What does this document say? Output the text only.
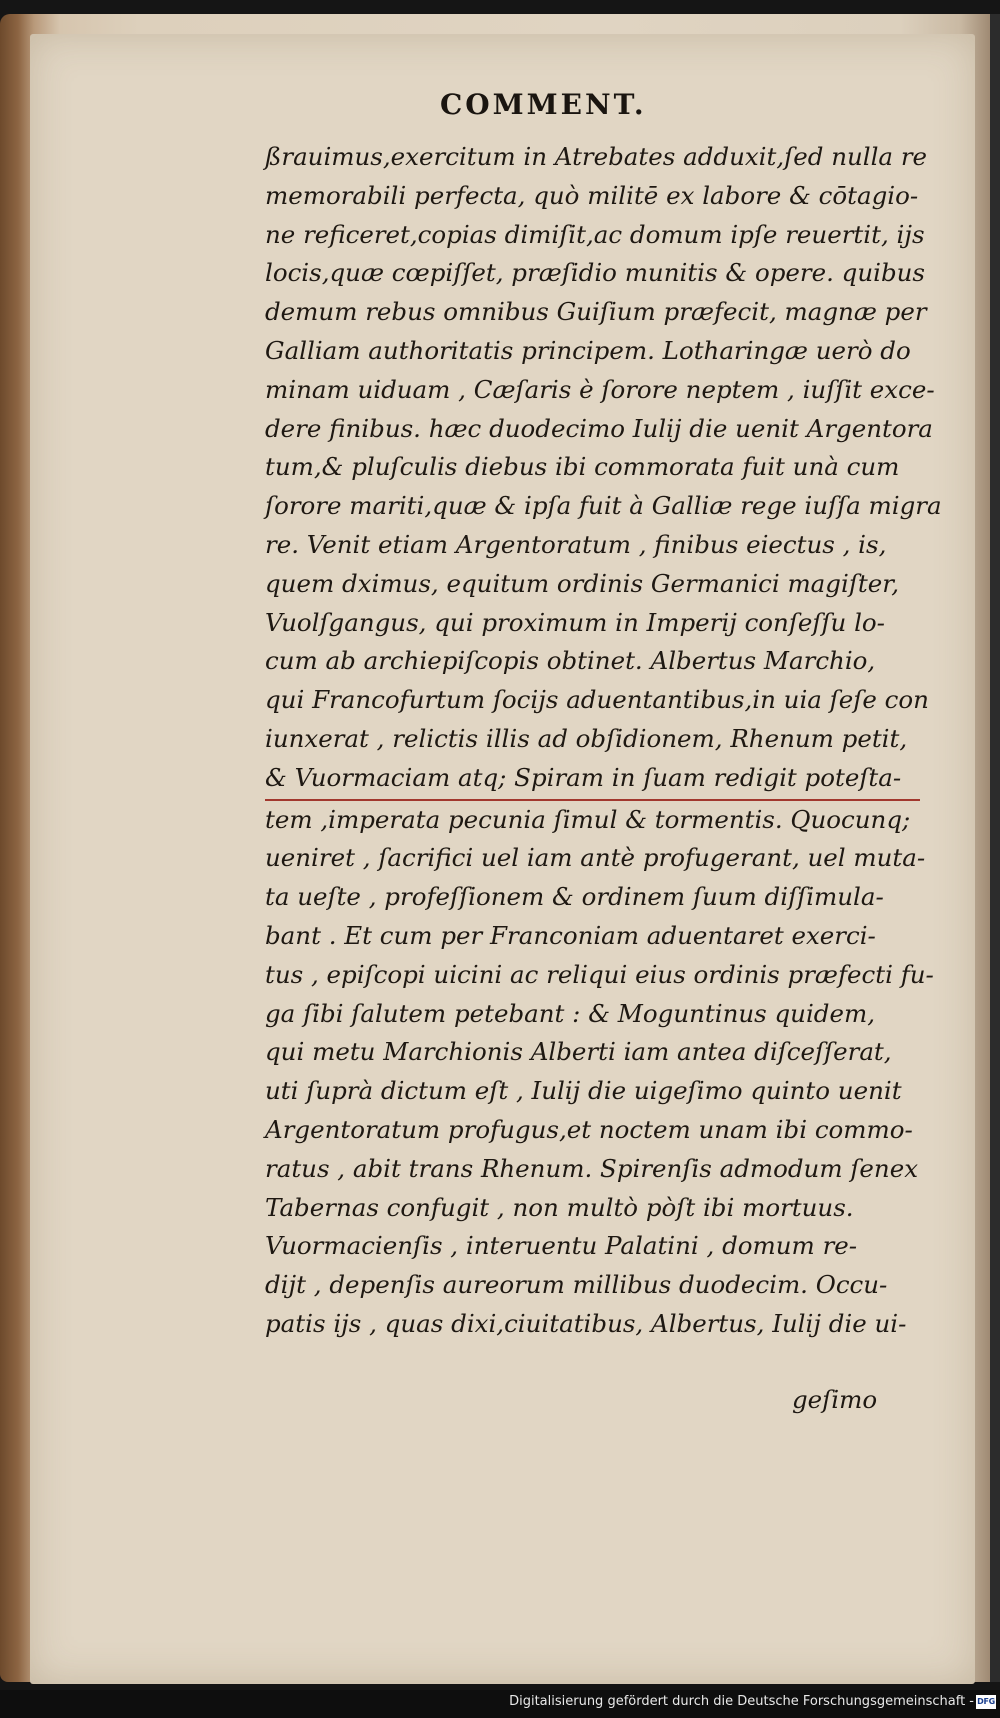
COMMENT.
ßrauimus,exercitum in Atrebates adduxit,ſed nulla re
memorabili perfecta, quò militē ex labore & cōtagio-
ne reficeret,copias dimiſit,ac domum ipſe reuertit, ijs
locis,quæ cœpiſſet, præſidio munitis & opere. quibus
demum rebus omnibus Guiſium præfecit, magnæ per
Galliam authoritatis principem. Lotharingæ uerò do
minam uiduam , Cæſaris è ſorore neptem , iuſſit exce-
dere finibus. hæc duodecimo Iulij die uenit Argentora
tum,& pluſculis diebus ibi commorata fuit unà cum
ſorore mariti,quæ & ipſa fuit à Galliæ rege iuſſa migra
re. Venit etiam Argentoratum , finibus eiectus , is,
quem dximus, equitum ordinis Germanici magiſter,
Vuolſgangus, qui proximum in Imperij conſeſſu lo-
cum ab archiepiſcopis obtinet. Albertus Marchio,
qui Francofurtum ſocijs aduentantibus,in uia ſeſe con
iunxerat , relictis illis ad obſidionem, Rhenum petit,
& Vuormaciam atq; Spiram in ſuam redigit poteſta-
tem ,imperata pecunia ſimul & tormentis. Quocunq;
ueniret , ſacrifici uel iam antè profugerant, uel muta-
ta ueſte , profeſſionem & ordinem ſuum diſſimula-
bant . Et cum per Franconiam aduentaret exerci-
tus , epiſcopi uicini ac reliqui eius ordinis præfecti fu-
ga ſibi ſalutem petebant : & Moguntinus quidem,
qui metu Marchionis Alberti iam antea diſceſſerat,
uti ſuprà dictum eſt , Iulij die uigeſimo quinto uenit
Argentoratum profugus,et noctem unam ibi commo-
ratus , abit trans Rhenum. Spirenſis admodum ſenex
Tabernas confugit , non multò pòſt ibi mortuus.
Vuormacienſis , interuentu Palatini , domum re-
dijt , depenſis aureorum millibus duodecim. Occu-
patis ijs , quas dixi,ciuitatibus, Albertus, Iulij die ui-
geſimo
Digitalisierung gefördert durch die Deutsche Forschungsgemeinschaft - DFG
